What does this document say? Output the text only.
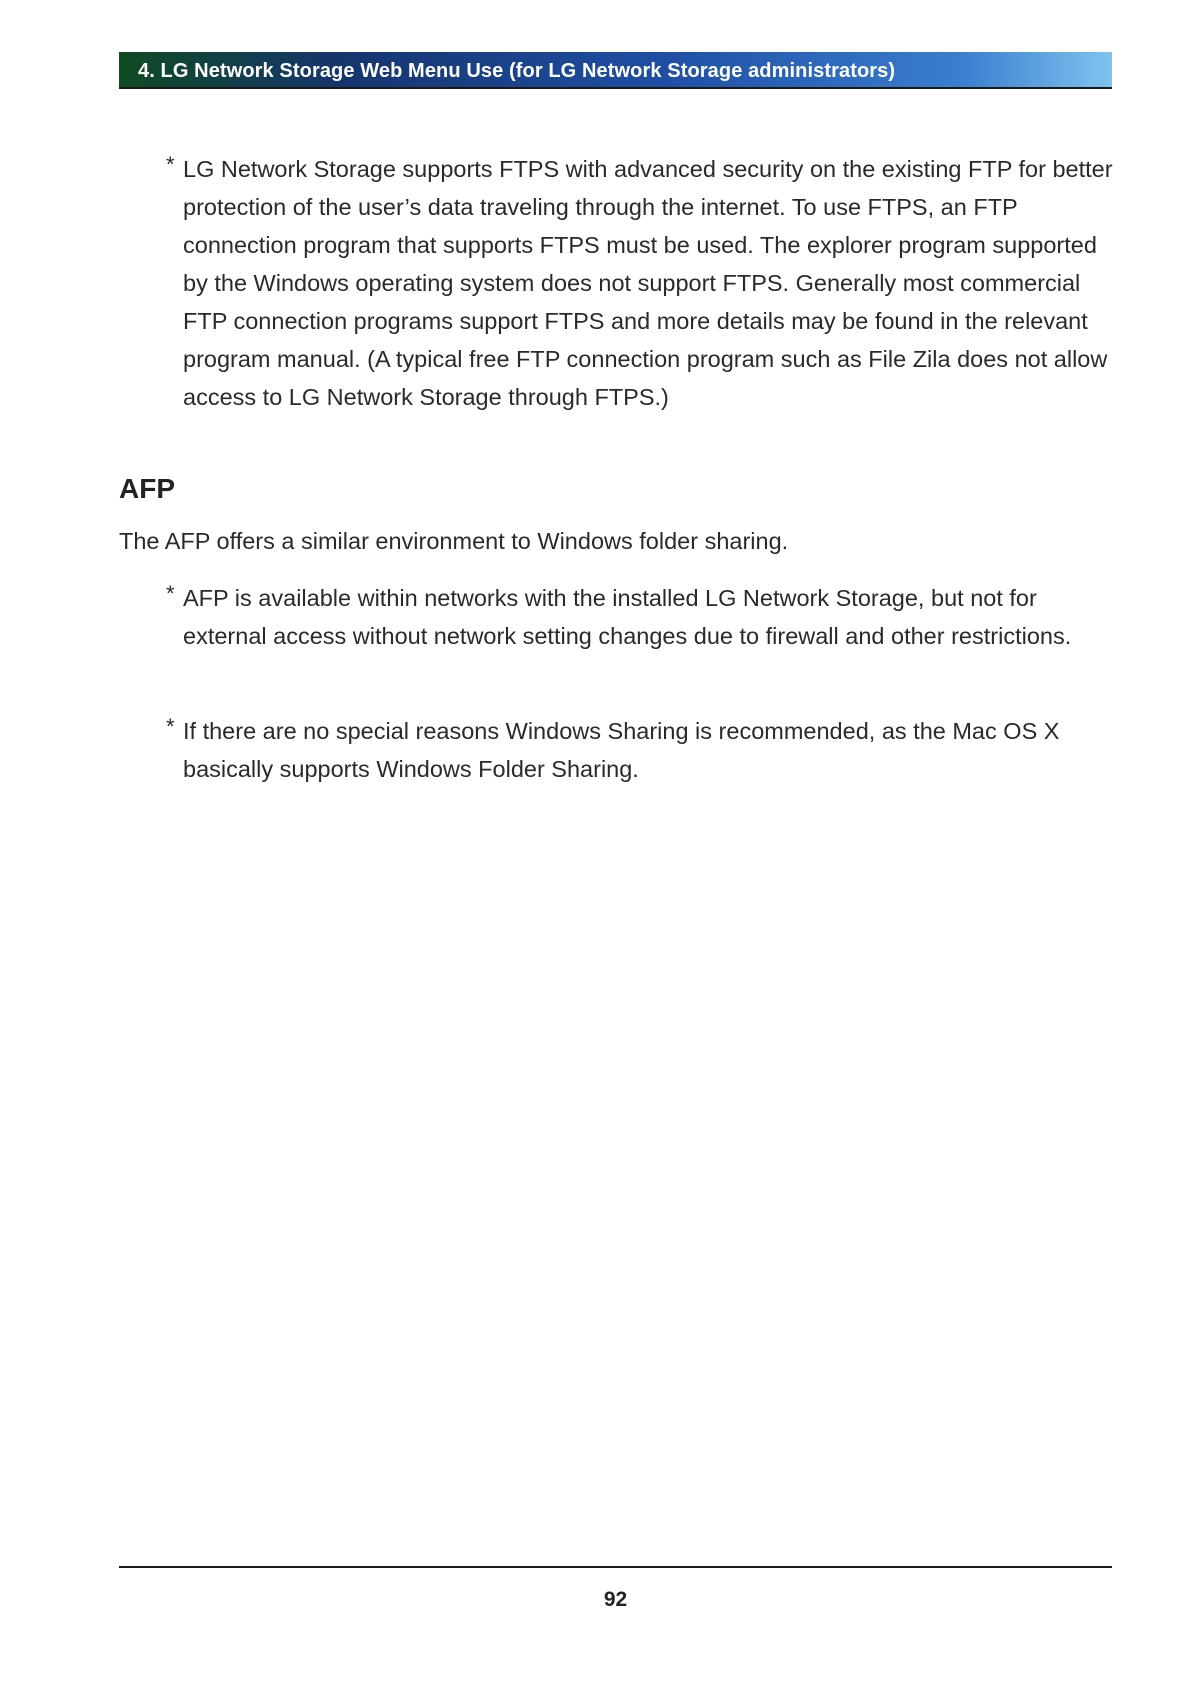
4. LG Network Storage Web Menu Use (for LG Network Storage administrators)
* LG Network Storage supports FTPS with advanced security on the existing FTP for better protection of the user’s data traveling through the internet. To use FTPS, an FTP connection program that supports FTPS must be used. The explorer program supported by the Windows operating system does not support FTPS. Generally most commercial FTP connection programs support FTPS and more details may be found in the relevant program manual. (A typical free FTP connection program such as File Zila does not allow access to LG Network Storage through FTPS.)
AFP
The AFP offers a similar environment to Windows folder sharing.
* AFP is available within networks with the installed LG Network Storage, but not for external access without network setting changes due to firewall and other restrictions.
* If there are no special reasons Windows Sharing is recommended, as the Mac OS X basically supports Windows Folder Sharing.
92
